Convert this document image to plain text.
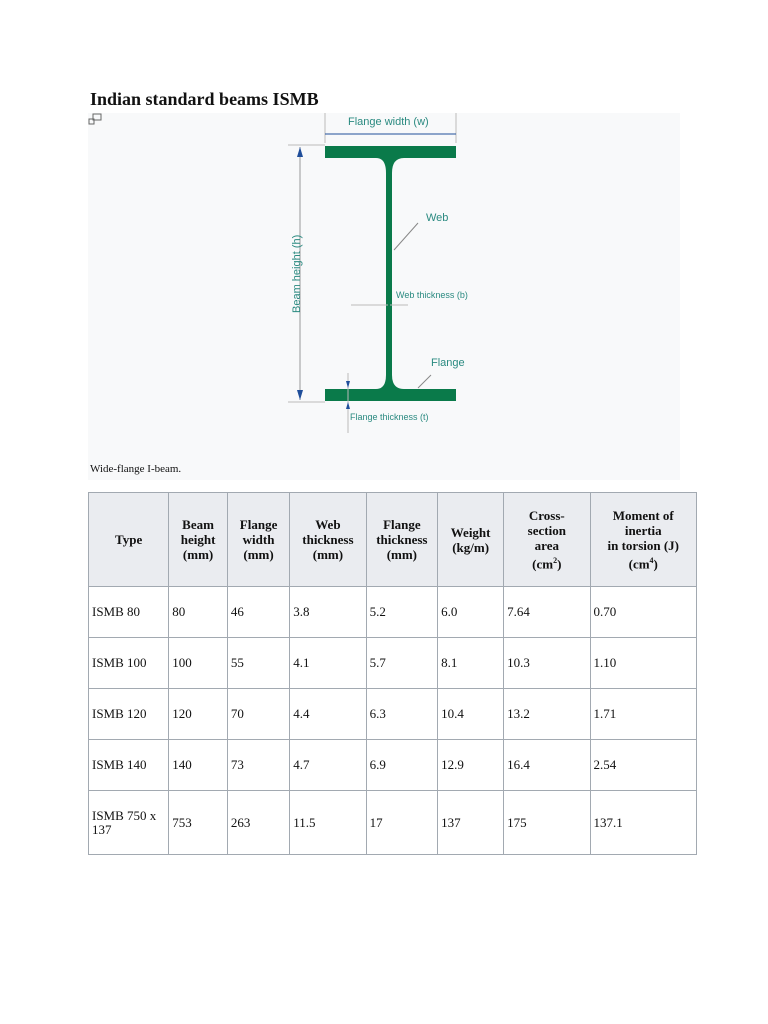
Indian standard beams ISMB
Flange width (w)
Beam height (h)
Web
Web thickness (b)
Flange
Flange thickness (t)
Wide-flange I-beam.
Type	Beam
height
(mm)	Flange
width
(mm)	Web
thickness
(mm)	Flange
thickness
(mm)	Weight
(kg/m)	Cross-
section
area
$(cm^2)$	Moment of
inertia
in torsion (J)
$(cm^4)$
ISMB 80	80	46	3.8	5.2	6.0	7.64	0.70
ISMB 100	100	55	4.1	5.7	8.1	10.3	1.10
ISMB 120	120	70	4.4	6.3	10.4	13.2	1.71
ISMB 140	140	73	4.7	6.9	12.9	16.4	2.54
ISMB 750 x 137	753	263	11.5	17	137	175	137.1
